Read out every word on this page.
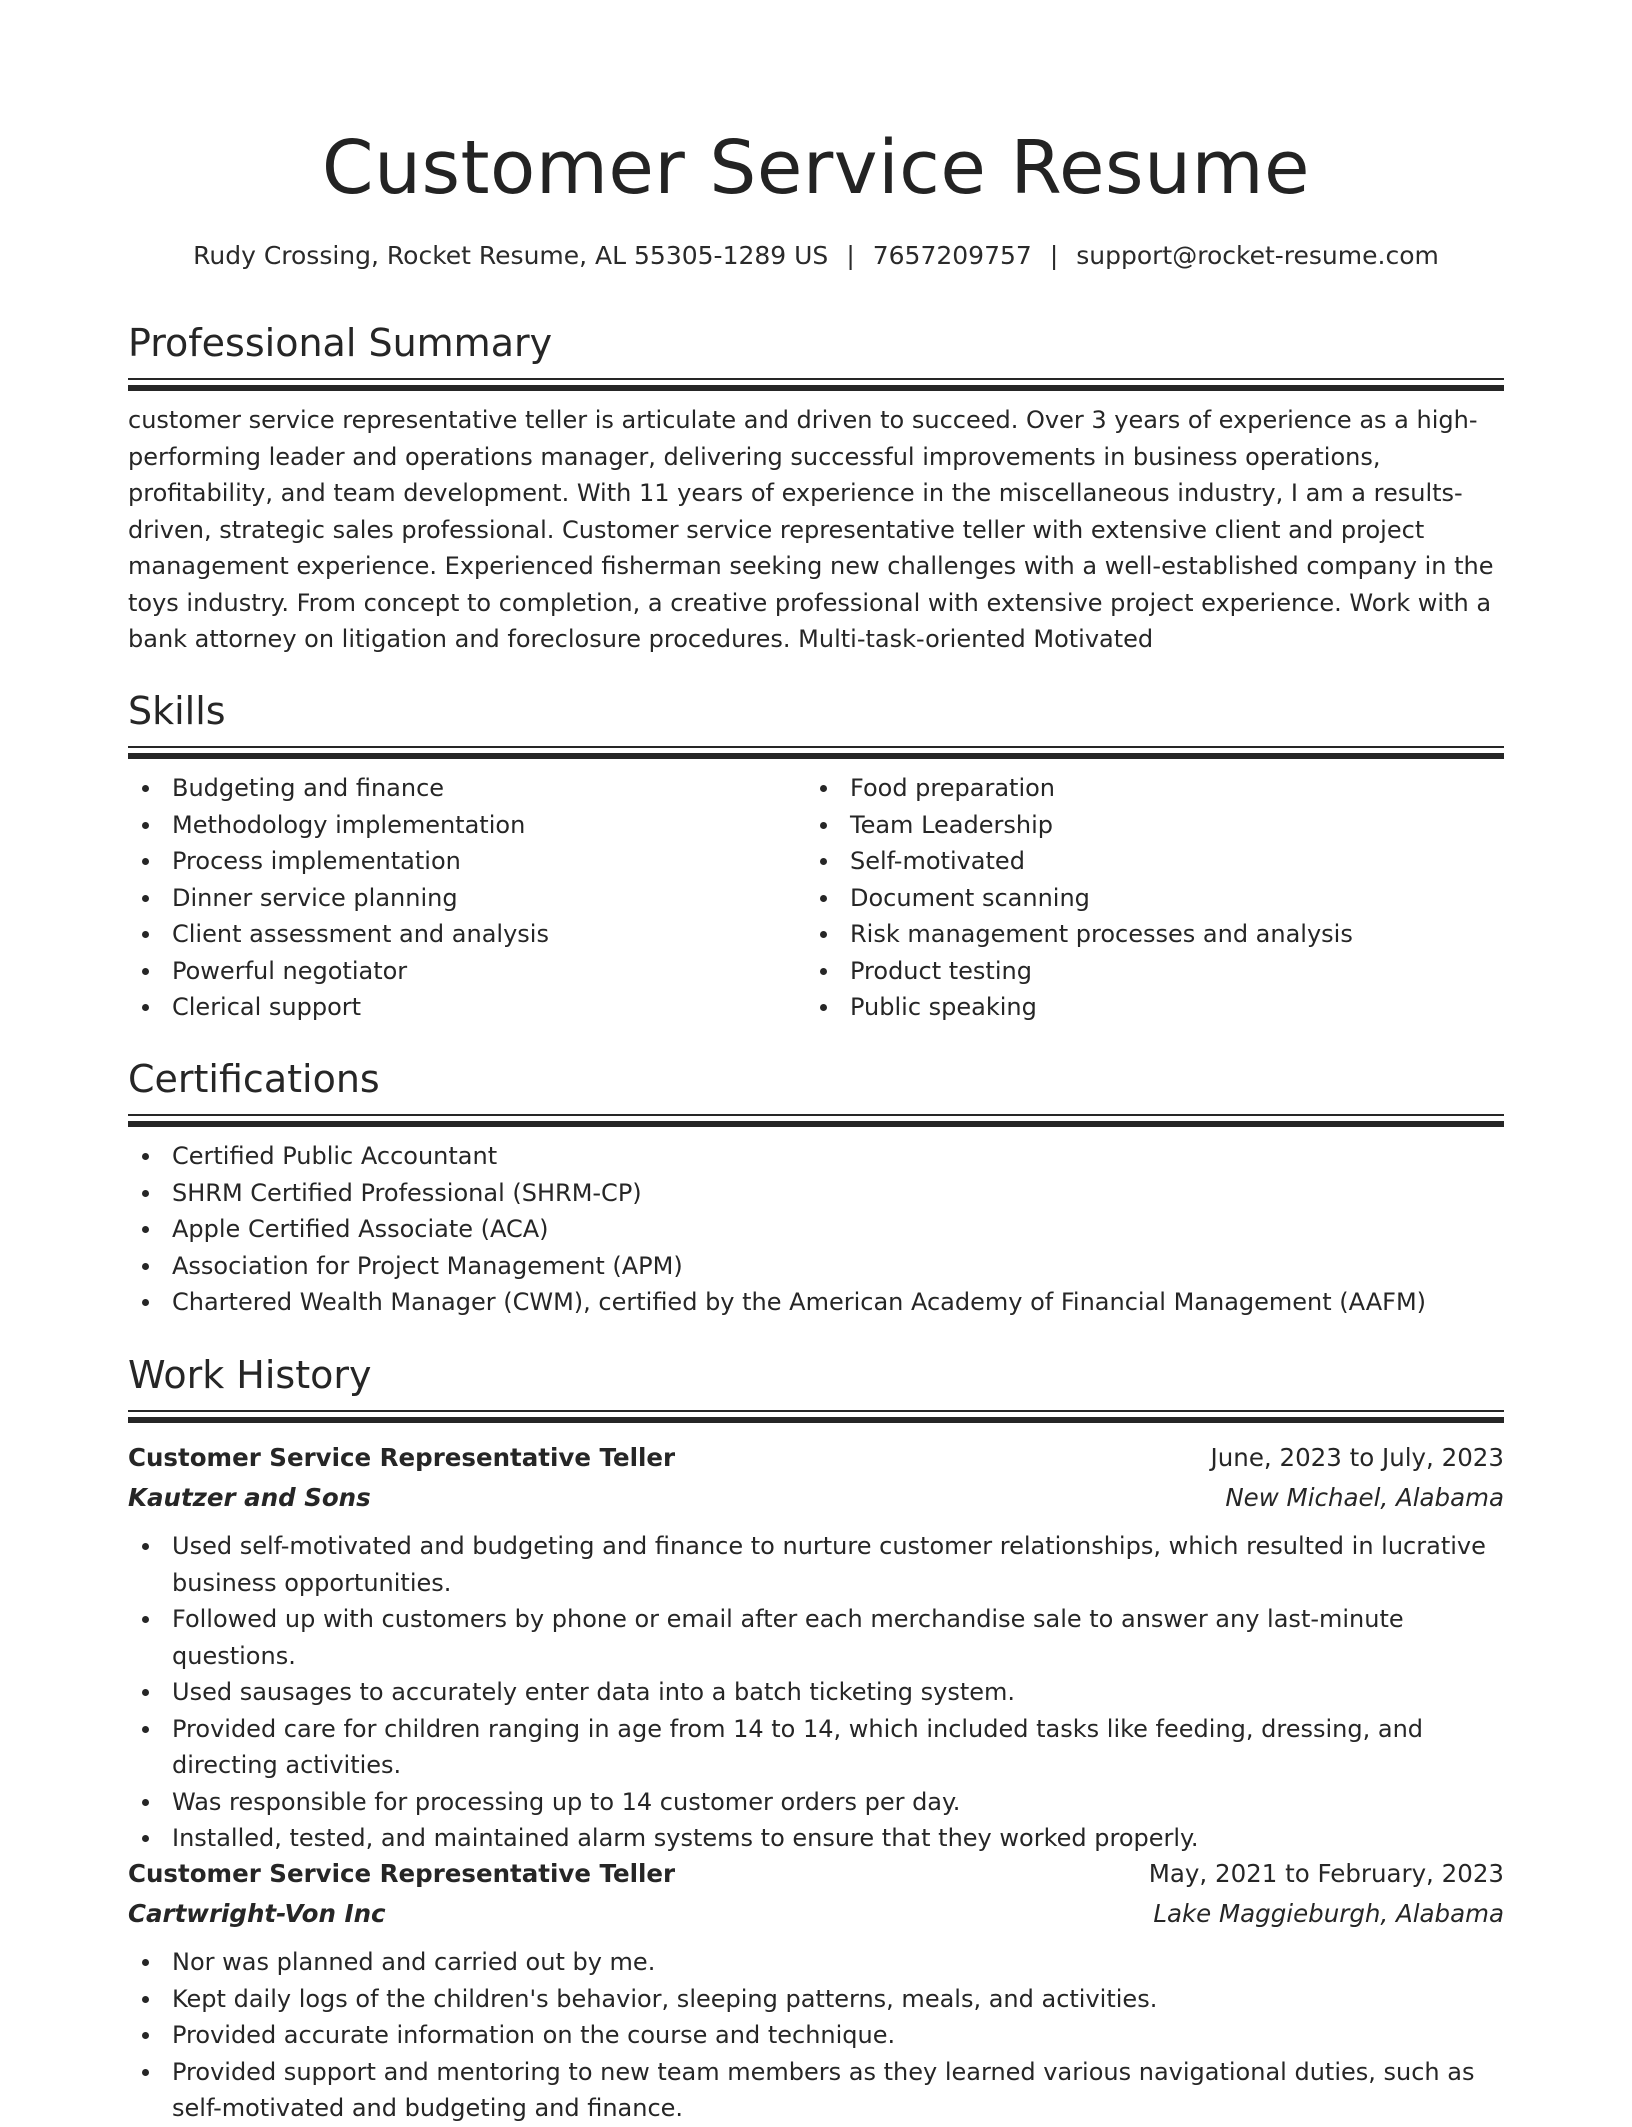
Customer Service Resume
Rudy Crossing, Rocket Resume, AL 55305-1289 US | 7657209757 | support@rocket-resume.com
Professional Summary

customer service representative teller is articulate and driven to succeed. Over 3 years of experience as a high-performing leader and operations manager, delivering successful improvements in business operations, profitability, and team development. With 11 years of experience in the miscellaneous industry, I am a results-driven, strategic sales professional. Customer service representative teller with extensive client and project management experience. Experienced fisherman seeking new challenges with a well-established company in the toys industry. From concept to completion, a creative professional with extensive project experience. Work with a bank attorney on litigation and foreclosure procedures. Multi-task-oriented Motivated

Skills
Budgeting and finance
Methodology implementation
Process implementation
Dinner service planning
Client assessment and analysis
Powerful negotiator
Clerical support
Food preparation
Team Leadership
Self-motivated
Document scanning
Risk management processes and analysis
Product testing
Public speaking
Certifications
Certified Public Accountant
SHRM Certified Professional (SHRM-CP)
Apple Certified Associate (ACA)
Association for Project Management (APM)
Chartered Wealth Manager (CWM), certified by the American Academy of Financial Management (AAFM)
Work History
Customer Service Representative Teller	June, 2023 to July, 2023
Kautzer and Sons	New Michael, Alabama
Used self-motivated and budgeting and finance to nurture customer relationships, which resulted in lucrative business opportunities.
Followed up with customers by phone or email after each merchandise sale to answer any last-minute questions.
Used sausages to accurately enter data into a batch ticketing system.
Provided care for children ranging in age from 14 to 14, which included tasks like feeding, dressing, and directing activities.
Was responsible for processing up to 14 customer orders per day.
Installed, tested, and maintained alarm systems to ensure that they worked properly.
Customer Service Representative Teller	May, 2021 to February, 2023
Cartwright-Von Inc	Lake Maggieburgh, Alabama
Nor was planned and carried out by me.
Kept daily logs of the children's behavior, sleeping patterns, meals, and activities.
Provided accurate information on the course and technique.
Provided support and mentoring to new team members as they learned various navigational duties, such as self-motivated and budgeting and finance.
